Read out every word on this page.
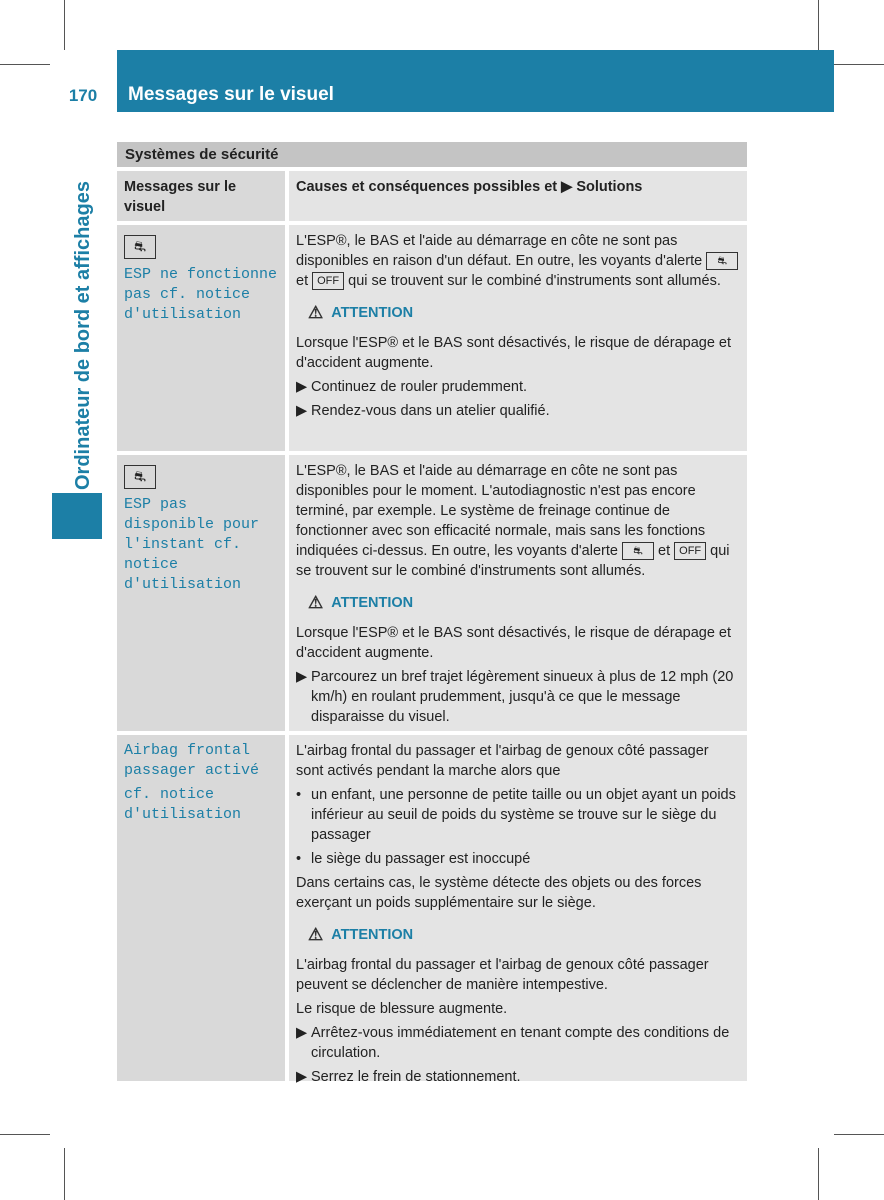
170	Messages sur le visuel
Ordinateur de bord et affichages
Systèmes de sécurité
Messages sur le visuel
Causes et conséquences possibles et ▶ Solutions
⛐
ESP ne fonctionne pas cf. notice d'utilisation

L'ESP®, le BAS et l'aide au démarrage en côte ne sont pas disponibles en raison d'un défaut. En outre, les voyants d'alerte ⛐ et OFF qui se trouvent sur le combiné d'instruments sont allumés.

⚠ ATTENTION

Lorsque l'ESP® et le BAS sont désactivés, le risque de dérapage et d'accident augmente.

▶ Continuez de rouler prudemment.
▶ Rendez-vous dans un atelier qualifié.
⛐
ESP pas disponible pour l'instant cf. notice d'utilisation

L'ESP®, le BAS et l'aide au démarrage en côte ne sont pas disponibles pour le moment. L'autodiagnostic n'est pas encore terminé, par exemple. Le système de freinage continue de fonctionner avec son efficacité normale, mais sans les fonctions indiquées ci-dessus. En outre, les voyants d'alerte ⛐ et OFF qui se trouvent sur le combiné d'instruments sont allumés.

⚠ ATTENTION

Lorsque l'ESP® et le BAS sont désactivés, le risque de dérapage et d'accident augmente.

▶ Parcourez un bref trajet légèrement sinueux à plus de 12 mph (20 km/h) en roulant prudemment, jusqu'à ce que le message disparaisse du visuel.
Airbag frontal passager activé
cf. notice d'utilisation

L'airbag frontal du passager et l'airbag de genoux côté passager sont activés pendant la marche alors que

• un enfant, une personne de petite taille ou un objet ayant un poids inférieur au seuil de poids du système se trouve sur le siège du passager
• le siège du passager est inoccupé

Dans certains cas, le système détecte des objets ou des forces exerçant un poids supplémentaire sur le siège.

⚠ ATTENTION

L'airbag frontal du passager et l'airbag de genoux côté passager peuvent se déclencher de manière intempestive.

Le risque de blessure augmente.

▶ Arrêtez-vous immédiatement en tenant compte des conditions de circulation.
▶ Serrez le frein de stationnement.
